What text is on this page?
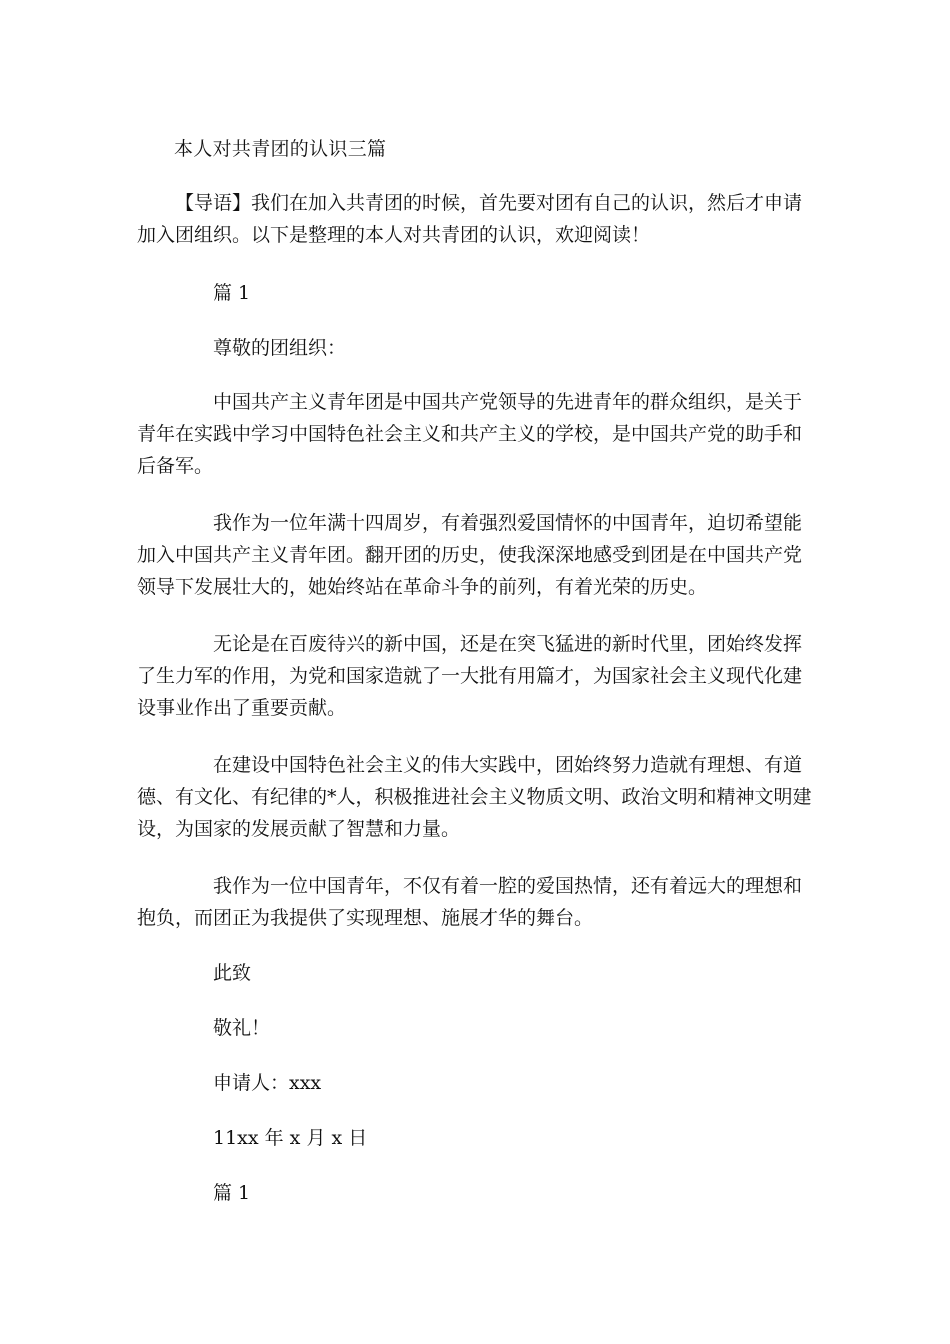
本人对共青团的认识三篇
【导语】我们在加入共青团的时候，首先要对团有自己的认识，然后才申请加入团组织。以下是整理的本人对共青团的认识，欢迎阅读！
篇 1
尊敬的团组织：
中国共产主义青年团是中国共产党领导的先进青年的群众组织，是关于青年在实践中学习中国特色社会主义和共产主义的学校，是中国共产党的助手和后备军。
我作为一位年满十四周岁，有着强烈爱国情怀的中国青年，迫切希望能加入中国共产主义青年团。翻开团的历史，使我深深地感受到团是在中国共产党领导下发展壮大的，她始终站在革命斗争的前列，有着光荣的历史。
无论是在百废待兴的新中国，还是在突飞猛进的新时代里，团始终发挥了生力军的作用，为党和国家造就了一大批有用篇才，为国家社会主义现代化建设事业作出了重要贡献。
在建设中国特色社会主义的伟大实践中，团始终努力造就有理想、有道德、有文化、有纪律的*人，积极推进社会主义物质文明、政治文明和精神文明建设，为国家的发展贡献了智慧和力量。
我作为一位中国青年，不仅有着一腔的爱国热情，还有着远大的理想和抱负，而团正为我提供了实现理想、施展才华的舞台。
此致
敬礼！
申请人：xxx
11xx 年 x 月 x 日
篇 1
